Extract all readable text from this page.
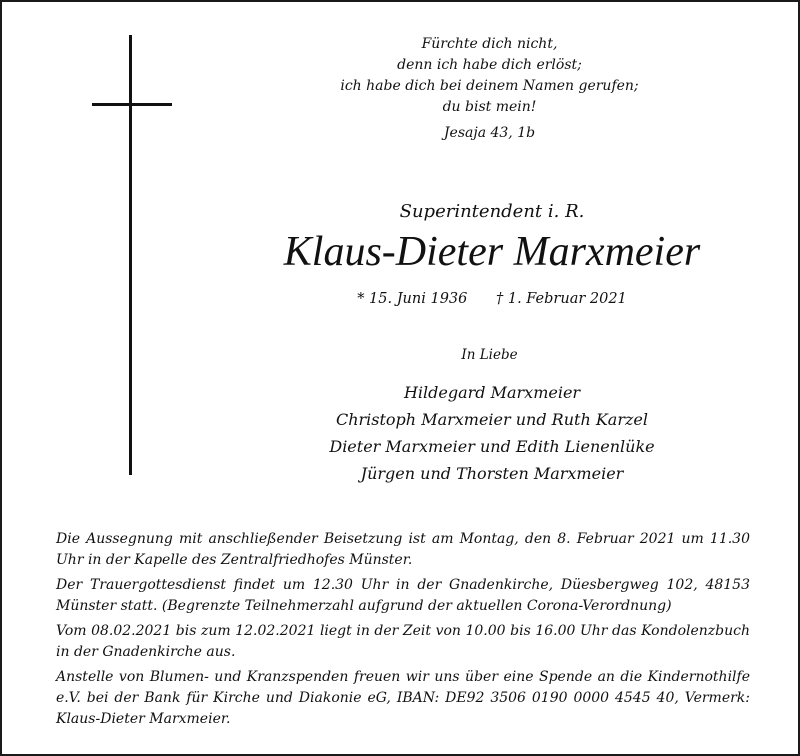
Fürchte dich nicht,
denn ich habe dich erlöst;
ich habe dich bei deinem Namen gerufen;
du bist mein!
Jesaja 43, 1b
Superintendent i. R.
Klaus-Dieter Marxmeier
* 15. Juni 1936 † 1. Februar 2021
In Liebe
Hildegard Marxmeier
Christoph Marxmeier und Ruth Karzel
Dieter Marxmeier und Edith Lienenlüke
Jürgen und Thorsten Marxmeier

Die Aussegnung mit anschließender Beisetzung ist am Montag, den 8. Februar 2021 um 11.30 Uhr in der Kapelle des Zentralfriedhofes Münster.

Der Trauergottesdienst findet um 12.30 Uhr in der Gnadenkirche, Düesbergweg 102, 48153 Münster statt. (Begrenzte Teilnehmerzahl aufgrund der aktuellen Corona-Verordnung)

Vom 08.02.2021 bis zum 12.02.2021 liegt in der Zeit von 10.00 bis 16.00 Uhr das Kondolenzbuch in der Gnadenkirche aus.

Anstelle von Blumen- und Kranzspenden freuen wir uns über eine Spende an die Kindernothilfe e.V. bei der Bank für Kirche und Diakonie eG, IBAN: DE92 3506 0190 0000 4545 40, Vermerk: Klaus-Dieter Marxmeier.
